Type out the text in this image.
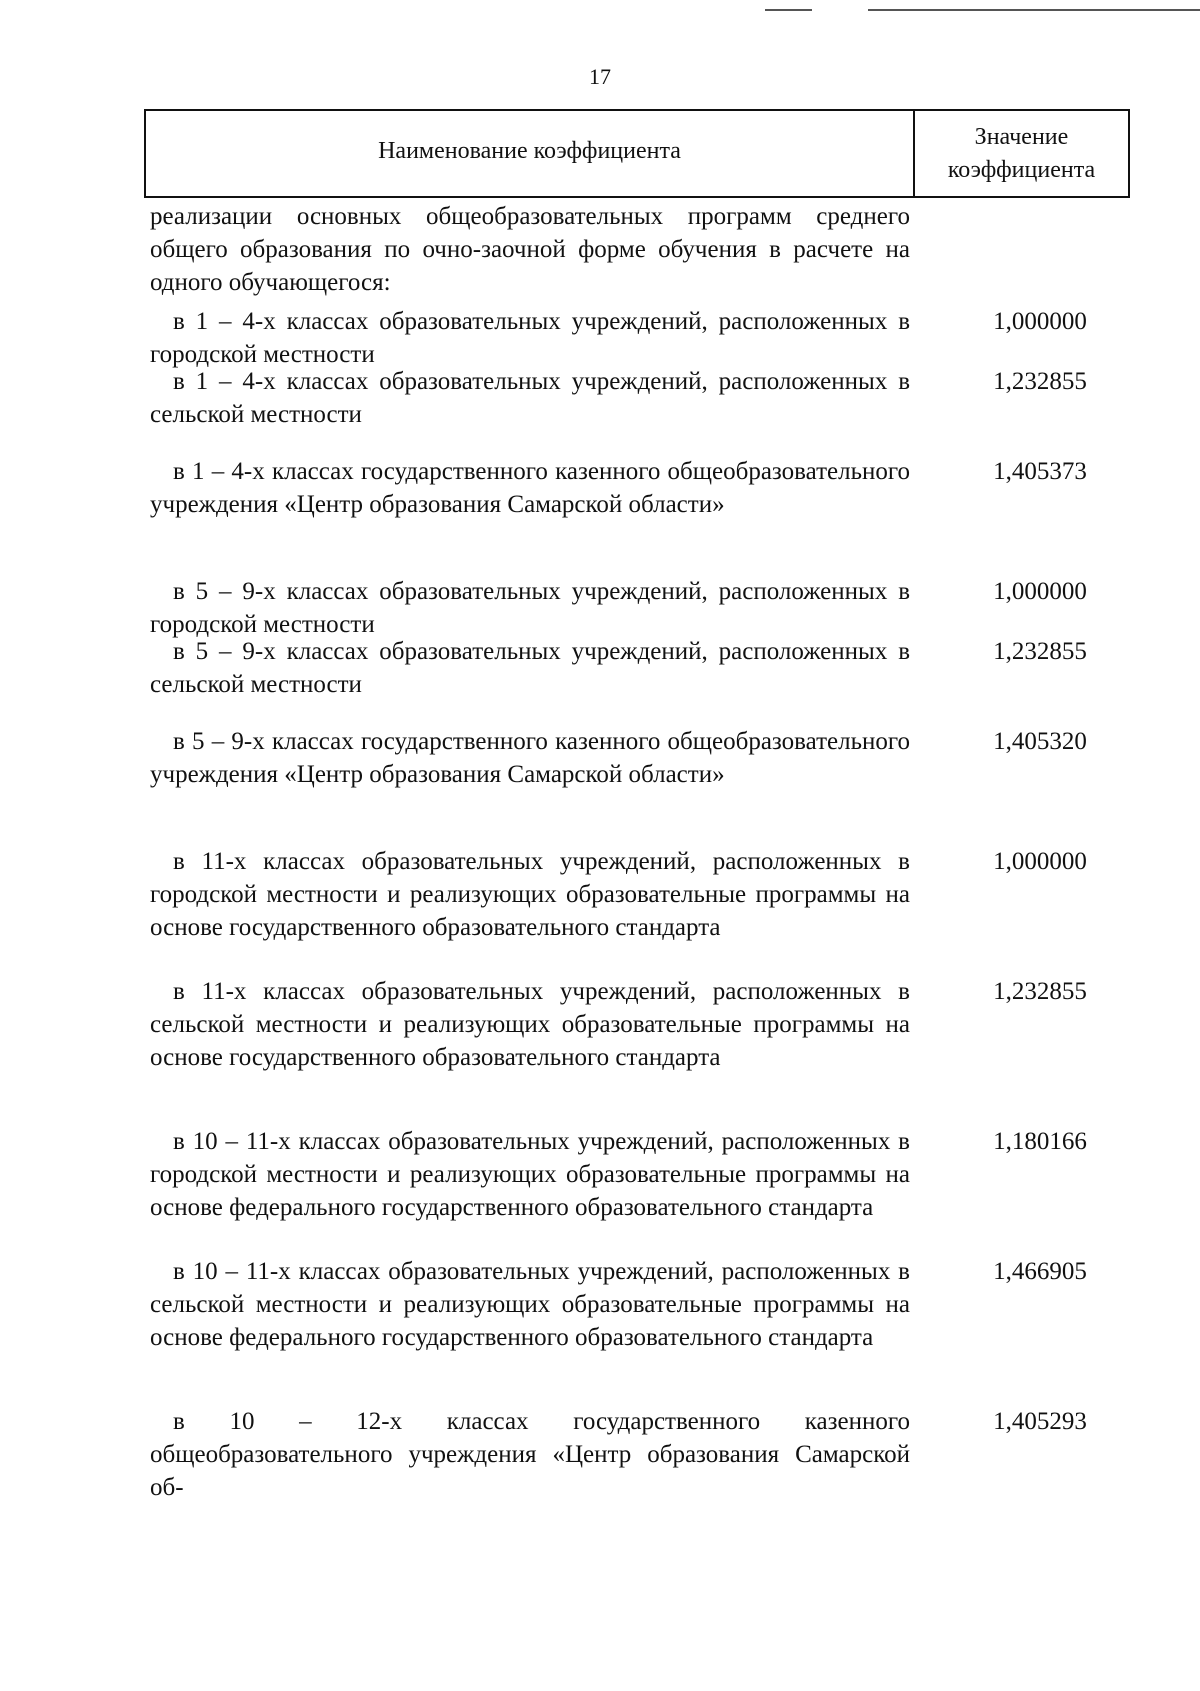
17
Наименование коэффициента
Значение
коэффициента

реализации основных общеобразовательных программ среднего общего образования по очно-заочной форме обучения в расчете на одного обучающегося:

в 1 – 4-х классах образовательных учреждений, расположенных в городской местности

1,000000

в 1 – 4-х классах образовательных учреждений, расположенных в сельской местности

1,232855

в 1 – 4-х классах государственного казенного общеобразовательного учреждения «Центр образования Самарской области»

1,405373

в 5 – 9-х классах образовательных учреждений, расположенных в городской местности

1,000000

в 5 – 9-х классах образовательных учреждений, расположенных в сельской местности

1,232855

в 5 – 9-х классах государственного казенного общеобразовательного учреждения «Центр образования Самарской области»

1,405320

в 11-х классах образовательных учреждений, расположенных в городской местности и реализующих образовательные программы на основе государственного образовательного стандарта

1,000000

в 11-х классах образовательных учреждений, расположенных в сельской местности и реализующих образовательные программы на основе государственного образовательного стандарта

1,232855

в 10 – 11-х классах образовательных учреждений, расположенных в городской местности и реализующих образовательные программы на основе федерального государственного образовательного стандарта

1,180166

в 10 – 11-х классах образовательных учреждений, расположенных в сельской местности и реализующих образовательные программы на основе федерального государственного образовательного стандарта

1,466905

в 10 – 12-х классах государственного казенного общеобразовательного учреждения «Центр образования Самарской об-

1,405293
